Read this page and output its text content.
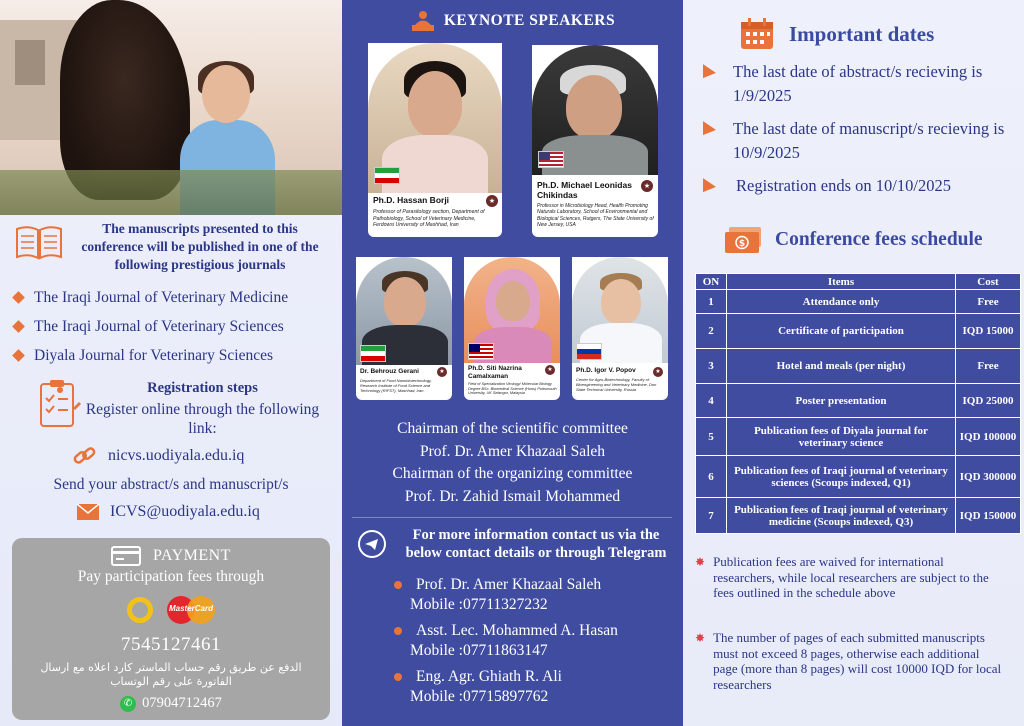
The manuscripts presented to this conference will be published in one of the following prestigious journals
The Iraqi Journal of Veterinary Medicine
The Iraqi Journal of Veterinary Sciences
Diyala Journal for Veterinary Sciences
Registration steps
Register online through the following link:
nicvs.uodiyala.edu.iq
Send your abstract/s and manuscript/s
ICVS@uodiyala.edu.iq
PAYMENT
Pay participation fees through
MasterCard
7545127461
الدفع عن طريق رقم حساب الماستر كارد اعلاه مع ارسال الفاتورة على رقم الوتساب
✆ 07904712467
KEYNOTE SPEAKERS
Ph.D. Hassan Borji	★
Professor of Parasitology section, Department of Pathobiology, School of Veterinary Medicine, Ferdowsi University of Mashhad, Iran
Ph.D. Michael Leonidas Chikindas
★
Professor in Microbiology Head, Health Promoting Naturals Laboratory, School of Environmental and Biological Sciences, Rutgers, The State University of New Jersey, USA
Dr. Behrouz Gerani	★
Department of Food Nanobiotechnology, Research Institute of Food Science and Technology (RIFST), Mashhad, Iran
Ph.D. Siti Nazrina Camalxaman
★
Field of Specialization Virology/ Molecular Biology Degree BSc. Biomedical Science (Hons) Portsmouth University, UK Selangor, Malaysia
Ph.D. Igor V. Popov	★
Center for Agro-Biotechnology, Faculty of Bioengineering and Veterinary Medicine, Don State Technical University, Russia
Chairman of the scientific committee
Prof. Dr. Amer Khazaal Saleh
Chairman of the organizing committee
Prof. Dr. Zahid Ismail Mohammed
For more information contact us via the below contact details or through Telegram
Prof. Dr. Amer Khazaal Saleh
Mobile :07711327232
Asst. Lec. Mohammed A. Hasan
Mobile :07711863147
Eng. Agr. Ghiath R. Ali
Mobile :07715897762
Important dates
The last date of abstract/s recieving is 1/9/2025
The last date of manuscript/s recieving is 10/9/2025
Registration ends on 10/10/2025
$ Conference fees schedule
ON	Items	Cost
1	Attendance only	Free
2	Certificate of participation	IQD 15000
3	Hotel and meals (per night)	Free
4	Poster presentation	IQD 25000
5	Publication fees of Diyala journal for veterinary science	IQD 100000
6	Publication fees of Iraqi journal of veterinary sciences (Scoups indexed, Q1)	IQD 300000
7	Publication fees of Iraqi journal of veterinary medicine (Scoups indexed, Q3)	IQD 150000
✸ Publication fees are waived for international researchers, while local researchers are subject to the fees outlined in the schedule above
✸ The number of pages of each submitted manuscripts must not exceed 8 pages, otherwise each additional page (more than 8 pages) will cost 10000 IQD for local researchers
